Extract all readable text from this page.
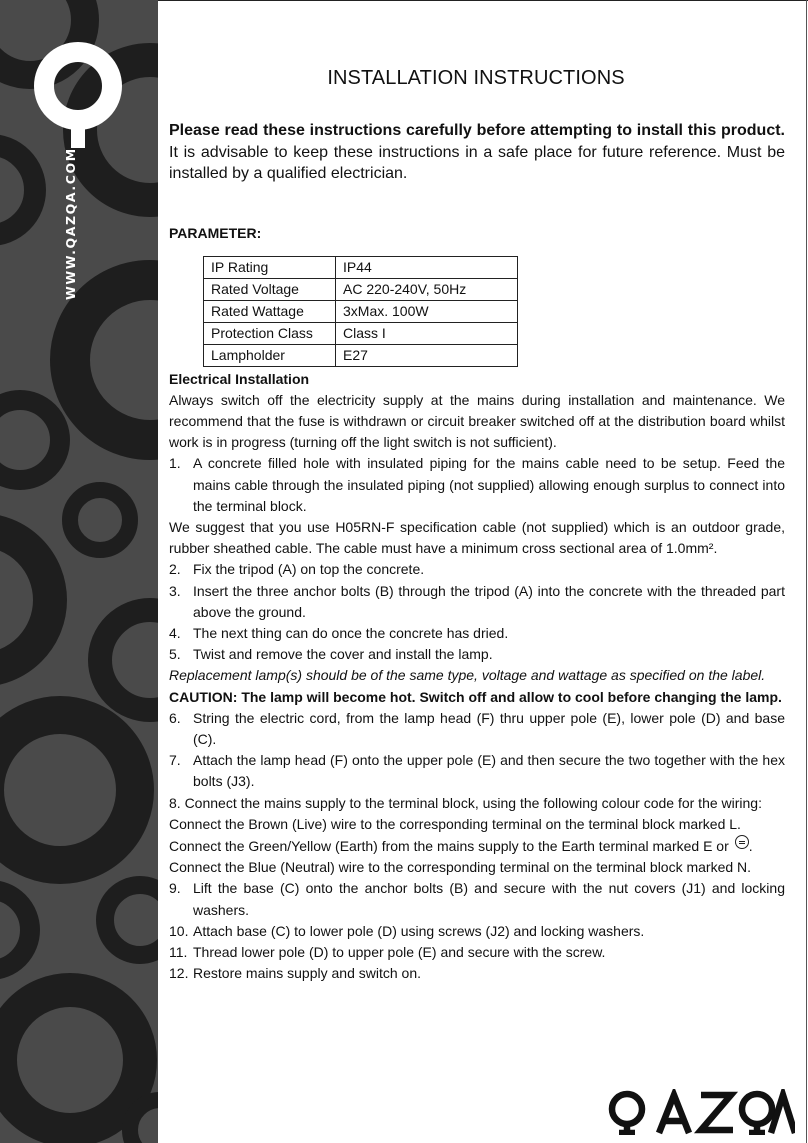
WWW.QAZQA.COM
INSTALLATION INSTRUCTIONS

Please read these instructions carefully before attempting to install this product. It is advisable to keep these instructions in a safe place for future reference. Must be installed by a qualified electrician.

PARAMETER:
IP Rating	IP44
Rated Voltage	AC 220-240V, 50Hz
Rated Wattage	3xMax. 100W
Protection Class	Class I
Lampholder	E27

Electrical Installation

Always switch off the electricity supply at the mains during installation and maintenance. We recommend that the fuse is withdrawn or circuit breaker switched off at the distribution board whilst work is in progress (turning off the light switch is not sufficient).

1. A concrete filled hole with insulated piping for the mains cable need to be setup. Feed the mains cable through the insulated piping (not supplied) allowing enough surplus to connect into the terminal block.

We suggest that you use H05RN-F specification cable (not supplied) which is an outdoor grade, rubber sheathed cable. The cable must have a minimum cross sectional area of 1.0mm².

2. Fix the tripod (A) on top the concrete.
3. Insert the three anchor bolts (B) through the tripod (A) into the concrete with the threaded part above the ground.
4. The next thing can do once the concrete has dried.
5. Twist and remove the cover and install the lamp.

Replacement lamp(s) should be of the same type, voltage and wattage as specified on the label.

CAUTION: The lamp will become hot. Switch off and allow to cool before changing the lamp.

6. String the electric cord, from the lamp head (F) thru upper pole (E), lower pole (D) and base (C).
7. Attach the lamp head (F) onto the upper pole (E) and then secure the two together with the hex bolts (J3).

8. Connect the mains supply to the terminal block, using the following colour code for the wiring:

Connect the Brown (Live) wire to the corresponding terminal on the terminal block marked L.

Connect the Green/Yellow (Earth) from the mains supply to the Earth terminal marked E or .

Connect the Blue (Neutral) wire to the corresponding terminal on the terminal block marked N.

9. Lift the base (C) onto the anchor bolts (B) and secure with the nut covers (J1) and locking washers.
10. Attach base (C) to lower pole (D) using screws (J2) and locking washers.
11. Thread lower pole (D) to upper pole (E) and secure with the screw.
12. Restore mains supply and switch on.
